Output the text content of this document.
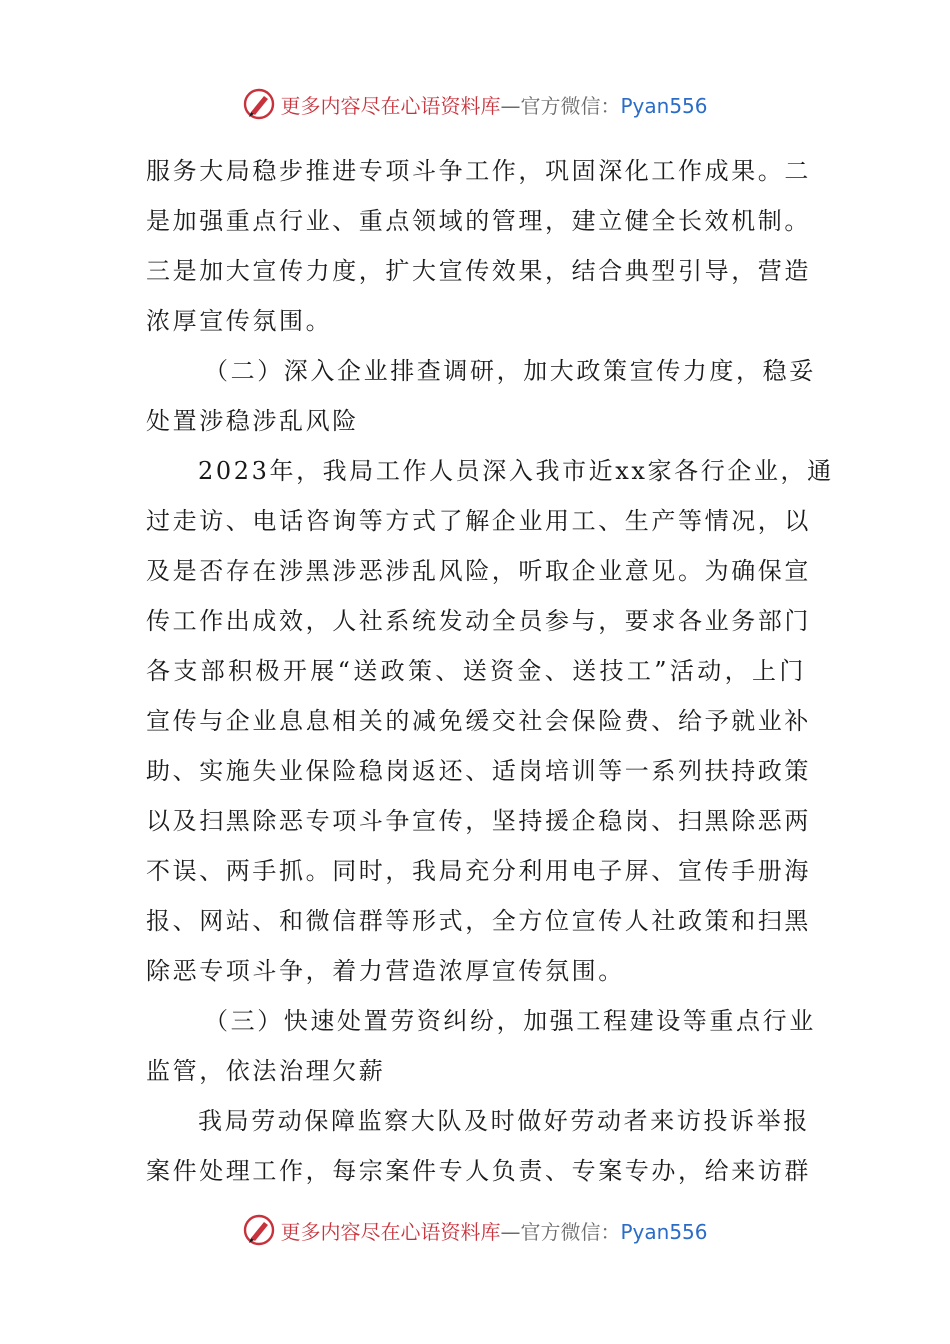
更多内容尽在心语资料库—官方微信：Pyan556
服务大局稳步推进专项斗争工作，巩固深化工作成果。二
是加强重点行业、重点领域的管理，建立健全长效机制。
三是加大宣传力度，扩大宣传效果，结合典型引导，营造
浓厚宣传氛围。
（二）深入企业排查调研，加大政策宣传力度，稳妥
处置涉稳涉乱风险
2023年，我局工作人员深入我市近xx家各行企业，通
过走访、电话咨询等方式了解企业用工、生产等情况，以
及是否存在涉黑涉恶涉乱风险，听取企业意见。为确保宣
传工作出成效，人社系统发动全员参与，要求各业务部门
各支部积极开展“送政策、送资金、送技工”活动，上门
宣传与企业息息相关的减免缓交社会保险费、给予就业补
助、实施失业保险稳岗返还、适岗培训等一系列扶持政策
以及扫黑除恶专项斗争宣传，坚持援企稳岗、扫黑除恶两
不误、两手抓。同时，我局充分利用电子屏、宣传手册海
报、网站、和微信群等形式，全方位宣传人社政策和扫黑
除恶专项斗争，着力营造浓厚宣传氛围。
（三）快速处置劳资纠纷，加强工程建设等重点行业
监管，依法治理欠薪
我局劳动保障监察大队及时做好劳动者来访投诉举报
案件处理工作，每宗案件专人负责、专案专办，给来访群
更多内容尽在心语资料库—官方微信：Pyan556
